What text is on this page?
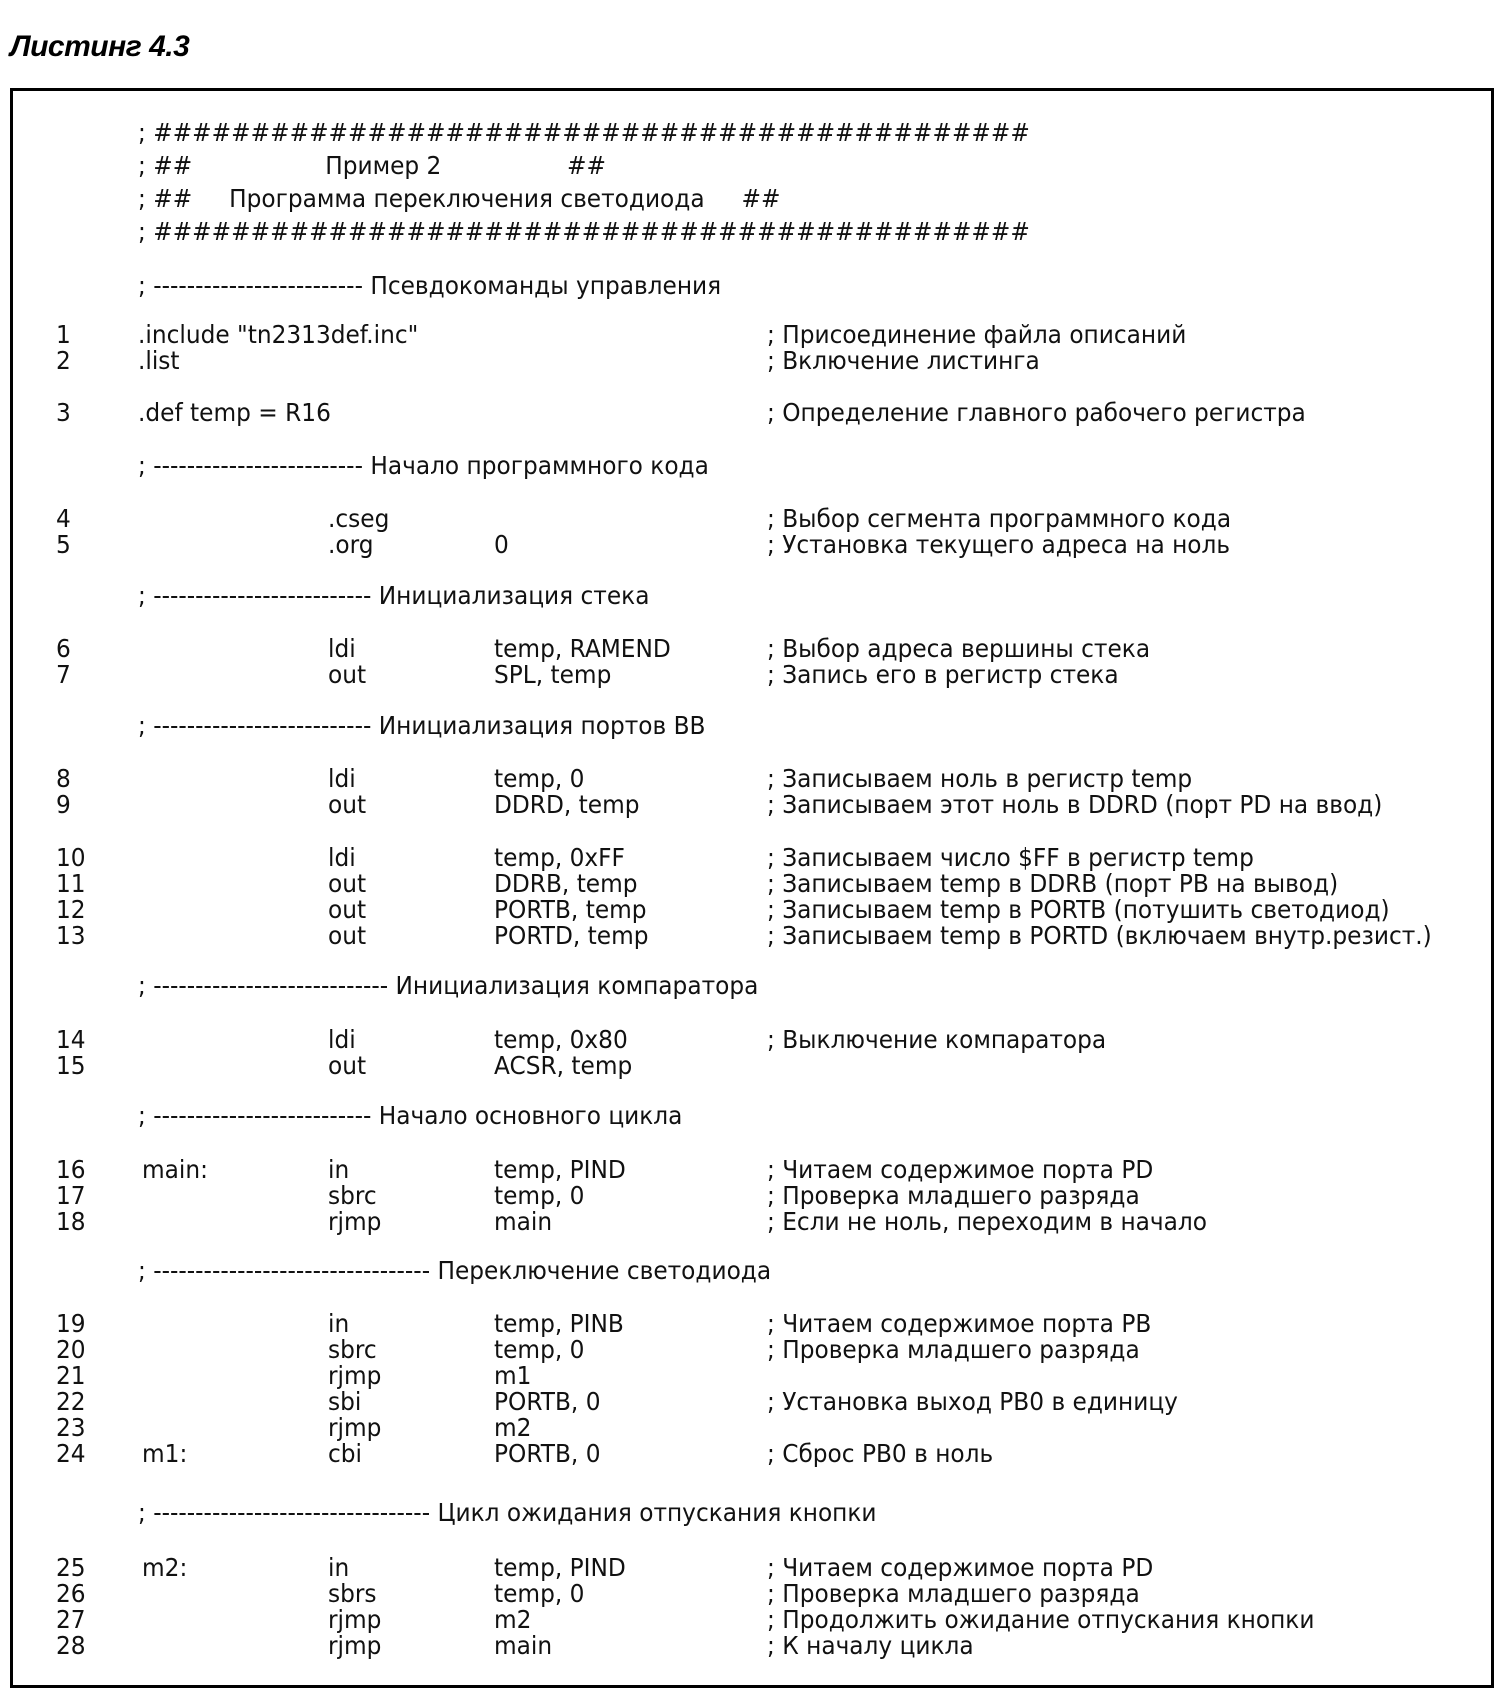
Листинг 4.3
; #############################################
; ##                  Пример 2                 ##
; ##     Программа переключения светодиода     ##
; #############################################
; ------------------------- Псевдокоманды управления
; ------------------------- Начало программного кода
; -------------------------- Инициализация стека
; -------------------------- Инициализация портов ВВ
; ---------------------------- Инициализация компаратора
; -------------------------- Начало основного цикла
; --------------------------------- Переключение светодиода
; --------------------------------- Цикл ожидания отпускания кнопки
1	.include "tn2313def.inc"	; Присоединение файла описаний
2	.list	; Включение листинга
3	.def temp = R16	; Определение главного рабочего регистра
4	.cseg	; Выбор сегмента программного кода
5	.org	0	; Установка текущего адреса на ноль
6	ldi	temp, RAMEND	; Выбор адреса вершины стека
7	out	SPL, temp	; Запись его в регистр стека
8	ldi	temp, 0	; Записываем ноль в регистр temp
9	out	DDRD, temp	; Записываем этот ноль в DDRD (порт PD на ввод)
10	ldi	temp, 0xFF	; Записываем число $FF в регистр temp
11	out	DDRB, temp	; Записываем temp в DDRB (порт PB на вывод)
12	out	PORTB, temp	; Записываем temp в PORTB (потушить светодиод)
13	out	PORTD, temp	; Записываем temp в PORTD (включаем внутр.резист.)
14	ldi	temp, 0x80	; Выключение компаратора
15	out	ACSR, temp
16 main:	in	temp, PIND	; Читаем содержимое порта PD
17	sbrc	temp, 0	; Проверка младшего разряда
18	rjmp	main	; Если не ноль, переходим в начало
19	in	temp, PINB	; Читаем содержимое порта PB
20	sbrc	temp, 0	; Проверка младшего разряда
21	rjmp	m1
22	sbi	PORTB, 0	; Установка выход PB0 в единицу
23	rjmp	m2
24 m1:	cbi	PORTB, 0	; Сброс PB0 в ноль
25 m2:	in	temp, PIND	; Читаем содержимое порта PD
26	sbrs	temp, 0	; Проверка младшего разряда
27	rjmp	m2	; Продолжить ожидание отпускания кнопки
28	rjmp	main	; К началу цикла
